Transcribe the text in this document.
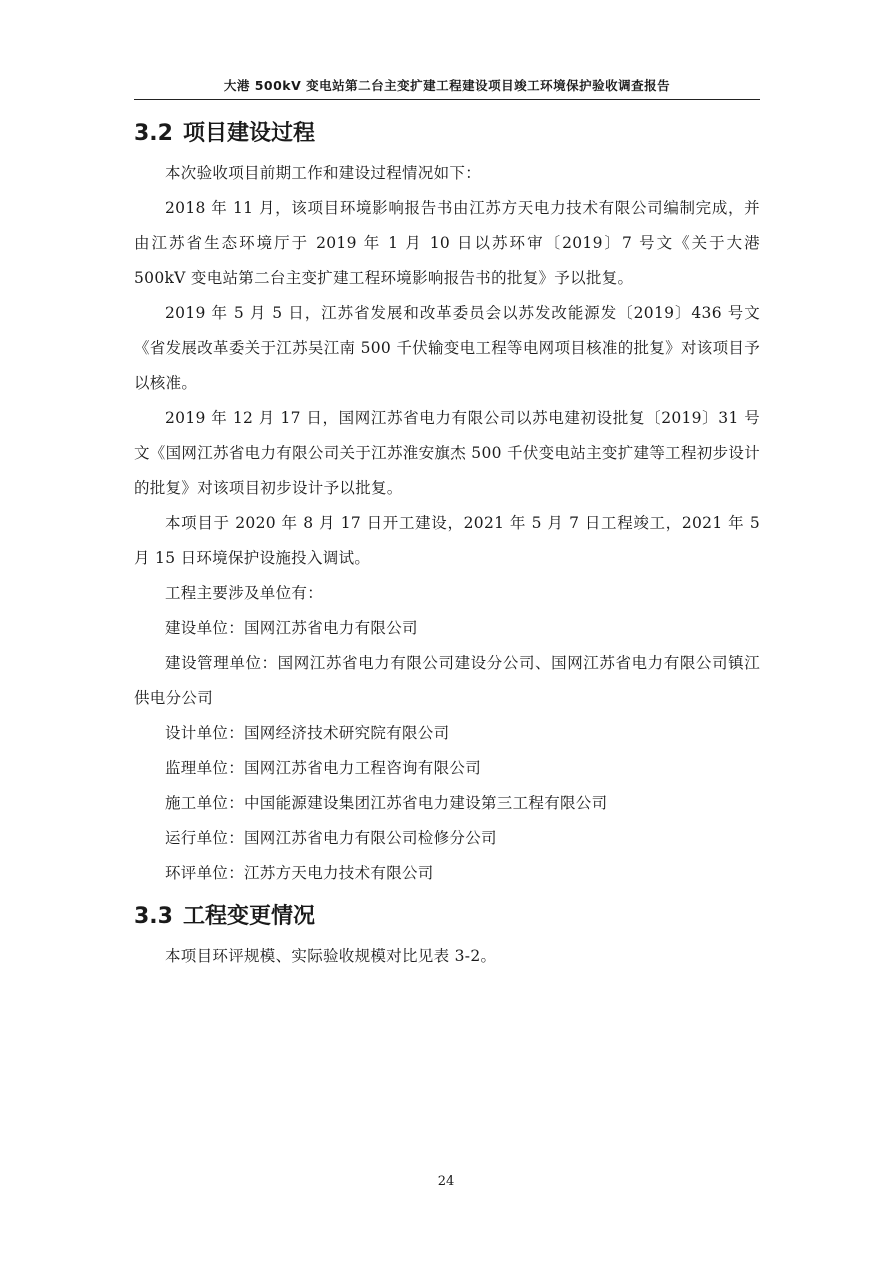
大港 500kV 变电站第二台主变扩建工程建设项目竣工环境保护验收调查报告
3.2 项目建设过程

本次验收项目前期工作和建设过程情况如下：

2018 年 11 月，该项目环境影响报告书由江苏方天电力技术有限公司编制完成，并由江苏省生态环境厅于 2019 年 1 月 10 日以苏环审〔2019〕7 号文《关于大港 500kV 变电站第二台主变扩建工程环境影响报告书的批复》予以批复。

2019 年 5 月 5 日，江苏省发展和改革委员会以苏发改能源发〔2019〕436 号文《省发展改革委关于江苏吴江南 500 千伏输变电工程等电网项目核准的批复》对该项目予以核准。

2019 年 12 月 17 日，国网江苏省电力有限公司以苏电建初设批复〔2019〕31 号文《国网江苏省电力有限公司关于江苏淮安旗杰 500 千伏变电站主变扩建等工程初步设计的批复》对该项目初步设计予以批复。

本项目于 2020 年 8 月 17 日开工建设，2021 年 5 月 7 日工程竣工，2021 年 5 月 15 日环境保护设施投入调试。

工程主要涉及单位有：

建设单位：国网江苏省电力有限公司

建设管理单位：国网江苏省电力有限公司建设分公司、国网江苏省电力有限公司镇江供电分公司

设计单位：国网经济技术研究院有限公司

监理单位：国网江苏省电力工程咨询有限公司

施工单位：中国能源建设集团江苏省电力建设第三工程有限公司

运行单位：国网江苏省电力有限公司检修分公司

环评单位：江苏方天电力技术有限公司

3.3 工程变更情况

本项目环评规模、实际验收规模对比见表 3-2。

24
